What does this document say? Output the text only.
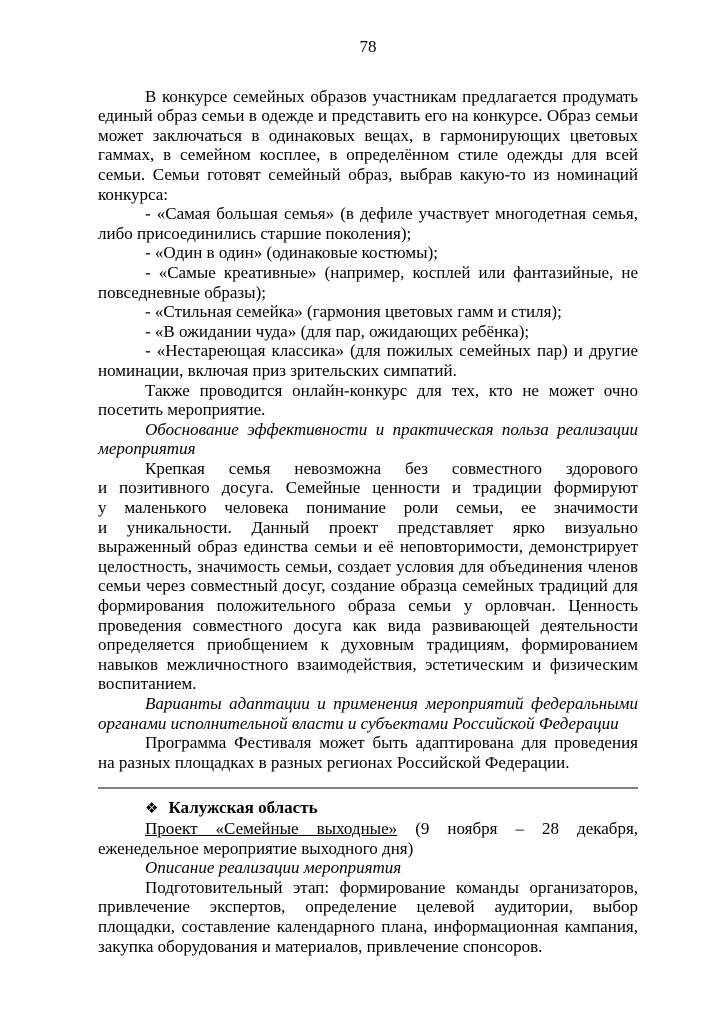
78

В конкурсе семейных образов участникам предлагается продумать единый образ семьи в одежде и представить его на конкурсе. Образ семьи может заключаться в одинаковых вещах, в гармонирующих цветовых гаммах, в семейном косплее, в определённом стиле одежды для всей семьи. Семьи готовят семейный образ, выбрав какую-то из номинаций конкурса:

- «Самая большая семья» (в дефиле участвует многодетная семья, либо присоединились старшие поколения);

- «Один в один» (одинаковые костюмы);

- «Самые креативные» (например, косплей или фантазийные, не повседневные образы);

- «Стильная семейка» (гармония цветовых гамм и стиля);

- «В ожидании чуда» (для пар, ожидающих ребёнка);

- «Нестареющая классика» (для пожилых семейных пар) и другие номинации, включая приз зрительских симпатий.

Также проводится онлайн-конкурс для тех, кто не может очно посетить мероприятие.

Обоснование эффективности и практическая польза реализации мероприятия

Крепкая семья невозможна без совместного здорового и позитивного досуга. Семейные ценности и традиции формируют у маленького человека понимание роли семьи, ее значимости и уникальности. Данный проект представляет ярко визуально выраженный образ единства семьи и её неповторимости, демонстрирует целостность, значимость семьи, создает условия для объединения членов семьи через совместный досуг, создание образца семейных традиций для формирования положительного образа семьи у орловчан. Ценность проведения совместного досуга как вида развивающей деятельности определяется приобщением к духовным традициям, формированием навыков межличностного взаимодействия, эстетическим и физическим воспитанием.

Варианты адаптации и применения мероприятий федеральными органами исполнительной власти и субъектами Российской Федерации

Программа Фестиваля может быть адаптирована для проведения на разных площадках в разных регионах Российской Федерации.

❖ Калужская область

Проект «Семейные выходные» (9 ноября – 28 декабря, еженедельное мероприятие выходного дня)

Описание реализации мероприятия

Подготовительный этап: формирование команды организаторов, привлечение экспертов, определение целевой аудитории, выбор площадки, составление календарного плана, информационная кампания, закупка оборудования и материалов, привлечение спонсоров.
